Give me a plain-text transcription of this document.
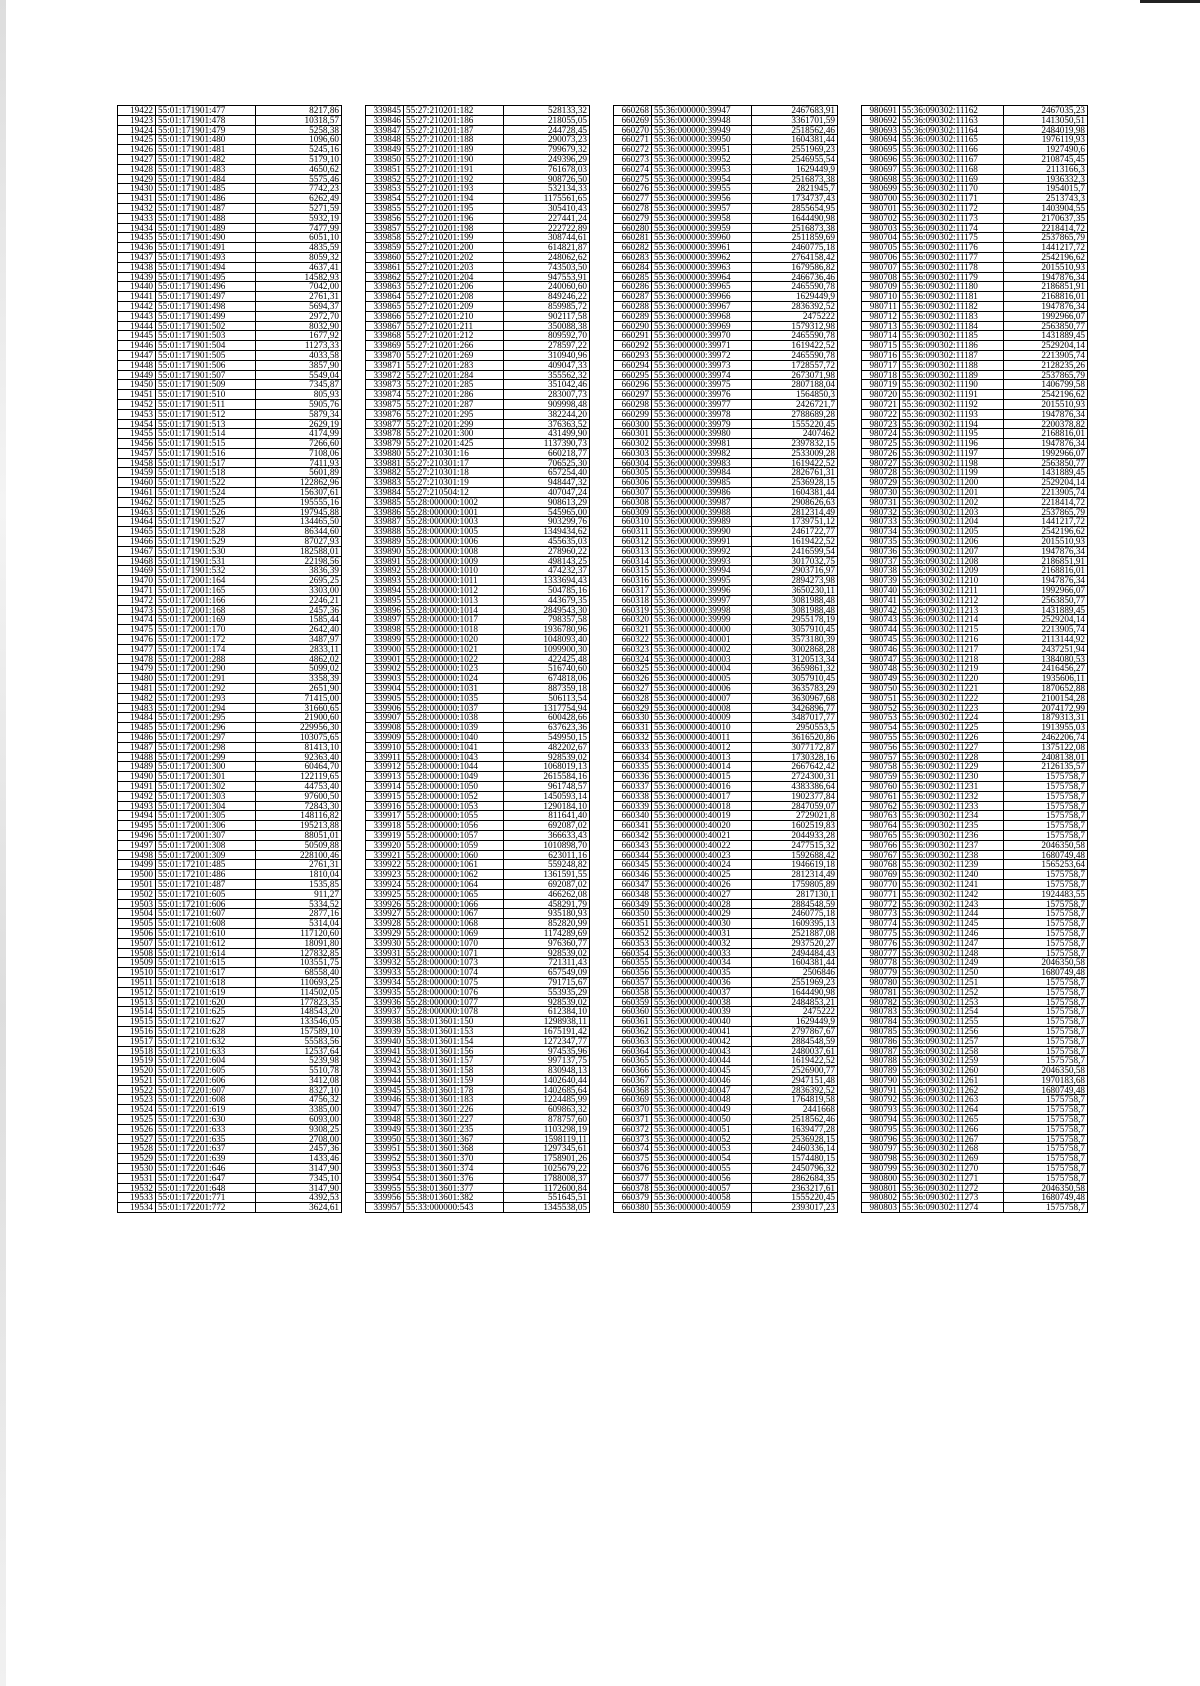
19422	55:01:171901:477	8217,86
19423	55:01:171901:478	10318,57
19424	55:01:171901:479	5258,38
19425	55:01:171901:480	1096,60
19426	55:01:171901:481	5245,16
19427	55:01:171901:482	5179,10
19428	55:01:171901:483	4650,62
19429	55:01:171901:484	5575,46
19430	55:01:171901:485	7742,23
19431	55:01:171901:486	6262,49
19432	55:01:171901:487	5271,59
19433	55:01:171901:488	5932,19
19434	55:01:171901:489	7477,99
19435	55:01:171901:490	6051,10
19436	55:01:171901:491	4835,59
19437	55:01:171901:493	8059,32
19438	55:01:171901:494	4637,41
19439	55:01:171901:495	14582,93
19440	55:01:171901:496	7042,00
19441	55:01:171901:497	2761,31
19442	55:01:171901:498	5694,37
19443	55:01:171901:499	2972,70
19444	55:01:171901:502	8032,90
19445	55:01:171901:503	1677,92
19446	55:01:171901:504	11273,33
19447	55:01:171901:505	4033,58
19448	55:01:171901:506	3857,90
19449	55:01:171901:507	5549,04
19450	55:01:171901:509	7345,87
19451	55:01:171901:510	805,93
19452	55:01:171901:511	5905,76
19453	55:01:171901:512	5879,34
19454	55:01:171901:513	2629,19
19455	55:01:171901:514	4174,99
19456	55:01:171901:515	7266,60
19457	55:01:171901:516	7108,06
19458	55:01:171901:517	7411,93
19459	55:01:171901:518	5601,89
19460	55:01:171901:522	122862,96
19461	55:01:171901:524	156307,61
19462	55:01:171901:525	195555,16
19463	55:01:171901:526	197945,88
19464	55:01:171901:527	134465,50
19465	55:01:171901:528	86344,60
19466	55:01:171901:529	87027,93
19467	55:01:171901:530	182588,01
19468	55:01:171901:531	22198,56
19469	55:01:171901:532	3836,39
19470	55:01:172001:164	2695,25
19471	55:01:172001:165	3303,00
19472	55:01:172001:166	2246,21
19473	55:01:172001:168	2457,36
19474	55:01:172001:169	1585,44
19475	55:01:172001:170	2642,40
19476	55:01:172001:172	3487,97
19477	55:01:172001:174	2833,11
19478	55:01:172001:288	4862,02
19479	55:01:172001:290	5099,02
19480	55:01:172001:291	3358,39
19481	55:01:172001:292	2651,90
19482	55:01:172001:293	71415,00
19483	55:01:172001:294	31660,65
19484	55:01:172001:295	21900,60
19485	55:01:172001:296	229956,30
19486	55:01:172001:297	103075,65
19487	55:01:172001:298	81413,10
19488	55:01:172001:299	92363,40
19489	55:01:172001:300	60464,70
19490	55:01:172001:301	122119,65
19491	55:01:172001:302	44753,40
19492	55:01:172001:303	97600,50
19493	55:01:172001:304	72843,30
19494	55:01:172001:305	148116,82
19495	55:01:172001:306	195213,88
19496	55:01:172001:307	88051,01
19497	55:01:172001:308	50509,88
19498	55:01:172001:309	228100,46
19499	55:01:172101:485	2761,31
19500	55:01:172101:486	1810,04
19501	55:01:172101:487	1535,85
19502	55:01:172101:605	911,27
19503	55:01:172101:606	5334,52
19504	55:01:172101:607	2877,16
19505	55:01:172101:608	5314,04
19506	55:01:172101:610	117120,60
19507	55:01:172101:612	18091,80
19508	55:01:172101:614	127832,85
19509	55:01:172101:615	103551,75
19510	55:01:172101:617	68558,40
19511	55:01:172101:618	110693,25
19512	55:01:172101:619	114502,05
19513	55:01:172101:620	177823,35
19514	55:01:172101:625	148543,20
19515	55:01:172101:627	133546,05
19516	55:01:172101:628	157589,10
19517	55:01:172101:632	55583,56
19518	55:01:172101:633	12537,64
19519	55:01:172201:604	5239,98
19520	55:01:172201:605	5510,78
19521	55:01:172201:606	3412,08
19522	55:01:172201:607	8327,10
19523	55:01:172201:608	4756,32
19524	55:01:172201:619	3385,00
19525	55:01:172201:630	6093,00
19526	55:01:172201:633	9308,25
19527	55:01:172201:635	2708,00
19528	55:01:172201:637	2457,36
19529	55:01:172201:639	1433,46
19530	55:01:172201:646	3147,90
19531	55:01:172201:647	7345,10
19532	55:01:172201:648	3147,90
19533	55:01:172201:771	4392,53
19534	55:01:172201:772	3624,61
339845	55:27:210201:182	528133,32
339846	55:27:210201:186	218055,05
339847	55:27:210201:187	244728,45
339848	55:27:210201:188	290073,23
339849	55:27:210201:189	799679,32
339850	55:27:210201:190	249396,29
339851	55:27:210201:191	761678,03
339852	55:27:210201:192	908726,50
339853	55:27:210201:193	532134,33
339854	55:27:210201:194	1175561,65
339855	55:27:210201:195	305410,43
339856	55:27:210201:196	227441,24
339857	55:27:210201:198	222722,89
339858	55:27:210201:199	308744,61
339859	55:27:210201:200	614821,87
339860	55:27:210201:202	248062,62
339861	55:27:210201:203	743503,50
339862	55:27:210201:204	947553,91
339863	55:27:210201:206	240060,60
339864	55:27:210201:208	849246,22
339865	55:27:210201:209	859985,72
339866	55:27:210201:210	902117,58
339867	55:27:210201:211	350088,38
339868	55:27:210201:212	809592,70
339869	55:27:210201:266	278597,22
339870	55:27:210201:269	310940,96
339871	55:27:210201:283	409047,33
339872	55:27:210201:284	355562,32
339873	55:27:210201:285	351042,46
339874	55:27:210201:286	283007,73
339875	55:27:210201:287	909998,48
339876	55:27:210201:295	382244,20
339877	55:27:210201:299	376363,52
339878	55:27:210201:300	431499,90
339879	55:27:210201:425	1137390,73
339880	55:27:210301:16	660218,77
339881	55:27:210301:17	706525,30
339882	55:27:210301:18	657254,40
339883	55:27:210301:19	948447,32
339884	55:27:210504:12	407047,24
339885	55:28:000000:1002	908613,29
339886	55:28:000000:1001	545965,00
339887	55:28:000000:1003	903299,76
339888	55:28:000000:1005	1349434,62
339889	55:28:000000:1006	455635,03
339890	55:28:000000:1008	278960,22
339891	55:28:000000:1009	498143,25
339892	55:28:000000:1010	474232,37
339893	55:28:000000:1011	1333694,43
339894	55:28:000000:1012	504785,16
339895	55:28:000000:1013	443679,35
339896	55:28:000000:1014	2849543,30
339897	55:28:000000:1017	798357,58
339898	55:28:000000:1018	1936780,96
339899	55:28:000000:1020	1048093,40
339900	55:28:000000:1021	1099900,30
339901	55:28:000000:1022	422425,48
339902	55:28:000000:1023	516740,60
339903	55:28:000000:1024	674818,06
339904	55:28:000000:1031	887359,18
339905	55:28:000000:1035	506113,54
339906	55:28:000000:1037	1317754,94
339907	55:28:000000:1038	600428,66
339908	55:28:000000:1039	637623,36
339909	55:28:000000:1040	549950,15
339910	55:28:000000:1041	482202,67
339911	55:28:000000:1043	928539,02
339912	55:28:000000:1044	1068019,13
339913	55:28:000000:1049	2615584,16
339914	55:28:000000:1050	961748,57
339915	55:28:000000:1052	1450593,14
339916	55:28:000000:1053	1290184,10
339917	55:28:000000:1055	811641,40
339918	55:28:000000:1056	692087,02
339919	55:28:000000:1057	366633,43
339920	55:28:000000:1059	1010898,70
339921	55:28:000000:1060	623011,16
339922	55:28:000000:1061	559248,82
339923	55:28:000000:1062	1361591,55
339924	55:28:000000:1064	692087,02
339925	55:28:000000:1065	466262,08
339926	55:28:000000:1066	458291,79
339927	55:28:000000:1067	935180,93
339928	55:28:000000:1068	852820,99
339929	55:28:000000:1069	1174289,69
339930	55:28:000000:1070	976360,77
339931	55:28:000000:1071	928539,02
339932	55:28:000000:1073	721311,43
339933	55:28:000000:1074	657549,09
339934	55:28:000000:1075	791715,67
339935	55:28:000000:1076	553935,29
339936	55:28:000000:1077	928539,02
339937	55:28:000000:1078	612384,10
339938	55:38:013601:150	1298938,11
339939	55:38:013601:153	1675191,42
339940	55:38:013601:154	1272347,77
339941	55:38:013601:156	974535,96
339942	55:38:013601:157	997137,75
339943	55:38:013601:158	830948,13
339944	55:38:013601:159	1402640,44
339945	55:38:013601:178	1402685,64
339946	55:38:013601:183	1224485,99
339947	55:38:013601:226	609863,32
339948	55:38:013601:227	878757,60
339949	55:38:013601:235	1103298,19
339950	55:38:013601:367	1598119,11
339951	55:38:013601:368	1297345,61
339952	55:38:013601:370	1758901,26
339953	55:38:013601:374	1025679,22
339954	55:38:013601:376	1788008,37
339955	55:38:013601:377	1172600,84
339956	55:38:013601:382	551645,51
339957	55:33:000000:543	1345538,05
660268	55:36:000000:39947	2467683,91
660269	55:36:000000:39948	3361701,59
660270	55:36:000000:39949	2518562,46
660271	55:36:000000:39950	1604381,44
660272	55:36:000000:39951	2551969,23
660273	55:36:000000:39952	2546955,54
660274	55:36:000000:39953	1629449,9
660275	55:36:000000:39954	2516873,38
660276	55:36:000000:39955	2821945,7
660277	55:36:000000:39956	1734737,43
660278	55:36:000000:39957	2855654,95
660279	55:36:000000:39958	1644490,98
660280	55:36:000000:39959	2516873,38
660281	55:36:000000:39960	2511859,69
660282	55:36:000000:39961	2460775,18
660283	55:36:000000:39962	2764158,42
660284	55:36:000000:39963	1679586,82
660285	55:36:000000:39964	2466736,46
660286	55:36:000000:39965	2465590,78
660287	55:36:000000:39966	1629449,9
660288	55:36:000000:39967	2836392,52
660289	55:36:000000:39968	2475222
660290	55:36:000000:39969	1579312,98
660291	55:36:000000:39970	2465590,78
660292	55:36:000000:39971	1619422,52
660293	55:36:000000:39972	2465590,78
660294	55:36:000000:39973	1728557,72
660295	55:36:000000:39974	2673071,98
660296	55:36:000000:39975	2807188,04
660297	55:36:000000:39976	1564850,3
660298	55:36:000000:39977	2426721,7
660299	55:36:000000:39978	2788689,28
660300	55:36:000000:39979	1555220,45
660301	55:36:000000:39980	2407462
660302	55:36:000000:39981	2397832,15
660303	55:36:000000:39982	2533009,28
660304	55:36:000000:39983	1619422,52
660305	55:36:000000:39984	2826761,31
660306	55:36:000000:39985	2536928,15
660307	55:36:000000:39986	1604381,44
660308	55:36:000000:39987	2908626,63
660309	55:36:000000:39988	2812314,49
660310	55:36:000000:39989	1739751,12
660311	55:36:000000:39990	2461722,77
660312	55:36:000000:39991	1619422,52
660313	55:36:000000:39992	2416599,54
660314	55:36:000000:39993	3017032,75
660315	55:36:000000:39994	2903716,97
660316	55:36:000000:39995	2894273,98
660317	55:36:000000:39996	3650230,11
660318	55:36:000000:39997	3081988,48
660319	55:36:000000:39998	3081988,48
660320	55:36:000000:39999	2955178,19
660321	55:36:000000:40000	3057910,45
660322	55:36:000000:40001	3573180,39
660323	55:36:000000:40002	3002868,28
660324	55:36:000000:40003	3120513,34
660325	55:36:000000:40004	3659861,32
660326	55:36:000000:40005	3057910,45
660327	55:36:000000:40006	3635783,29
660328	55:36:000000:40007	3630967,68
660329	55:36:000000:40008	3426896,77
660330	55:36:000000:40009	3487017,77
660331	55:36:000000:40010	2950553,5
660332	55:36:000000:40011	3616520,86
660333	55:36:000000:40012	3077172,87
660334	55:36:000000:40013	1730328,16
660335	55:36:000000:40014	2667642,42
660336	55:36:000000:40015	2724300,31
660337	55:36:000000:40016	4383386,64
660338	55:36:000000:40017	1902377,84
660339	55:36:000000:40018	2847059,07
660340	55:36:000000:40019	2729021,8
660341	55:36:000000:40020	1602519,83
660342	55:36:000000:40021	2044933,28
660343	55:36:000000:40022	2477515,32
660344	55:36:000000:40023	1592688,42
660345	55:36:000000:40024	1946619,18
660346	55:36:000000:40025	2812314,49
660347	55:36:000000:40026	1759805,89
660348	55:36:000000:40027	2817130,1
660349	55:36:000000:40028	2884548,59
660350	55:36:000000:40029	2460775,18
660351	55:36:000000:40030	1609395,13
660352	55:36:000000:40031	2521887,08
660353	55:36:000000:40032	2937520,27
660354	55:36:000000:40033	2494484,43
660355	55:36:000000:40034	1604381,44
660356	55:36:000000:40035	2506846
660357	55:36:000000:40036	2551969,23
660358	55:36:000000:40037	1644490,98
660359	55:36:000000:40038	2484853,21
660360	55:36:000000:40039	2475222
660361	55:36:000000:40040	1629449,9
660362	55:36:000000:40041	2797867,67
660363	55:36:000000:40042	2884548,59
660364	55:36:000000:40043	2480037,61
660365	55:36:000000:40044	1619422,52
660366	55:36:000000:40045	2526900,77
660367	55:36:000000:40046	2947151,48
660368	55:36:000000:40047	2836392,52
660369	55:36:000000:40048	1764819,58
660370	55:36:000000:40049	2441668
660371	55:36:000000:40050	2518562,46
660372	55:36:000000:40051	1639477,28
660373	55:36:000000:40052	2536928,15
660374	55:36:000000:40053	2460336,14
660375	55:36:000000:40054	1574480,15
660376	55:36:000000:40055	2450796,32
660377	55:36:000000:40056	2862684,35
660378	55:36:000000:40057	2363217,61
660379	55:36:000000:40058	1555220,45
660380	55:36:000000:40059	2393017,23
980691	55:36:090302:11162	2467035,23
980692	55:36:090302:11163	1413050,51
980693	55:36:090302:11164	2484019,98
980694	55:36:090302:11165	1976119,93
980695	55:36:090302:11166	1927490,6
980696	55:36:090302:11167	2108745,45
980697	55:36:090302:11168	2113166,3
980698	55:36:090302:11169	1936332,3
980699	55:36:090302:11170	1954015,7
980700	55:36:090302:11171	2513743,3
980701	55:36:090302:11172	1403904,55
980702	55:36:090302:11173	2170637,35
980703	55:36:090302:11174	2218414,72
980704	55:36:090302:11175	2537865,79
980705	55:36:090302:11176	1441217,72
980706	55:36:090302:11177	2542196,62
980707	55:36:090302:11178	2015510,93
980708	55:36:090302:11179	1947876,34
980709	55:36:090302:11180	2186851,91
980710	55:36:090302:11181	2168816,01
980711	55:36:090302:11182	1947876,34
980712	55:36:090302:11183	1992966,07
980713	55:36:090302:11184	2563850,77
980714	55:36:090302:11185	1431889,45
980715	55:36:090302:11186	2529204,14
980716	55:36:090302:11187	2213905,74
980717	55:36:090302:11188	2128235,26
980718	55:36:090302:11189	2537865,79
980719	55:36:090302:11190	1406799,58
980720	55:36:090302:11191	2542196,62
980721	55:36:090302:11192	2015510,93
980722	55:36:090302:11193	1947876,34
980723	55:36:090302:11194	2200378,82
980724	55:36:090302:11195	2168816,01
980725	55:36:090302:11196	1947876,34
980726	55:36:090302:11197	1992966,07
980727	55:36:090302:11198	2563850,77
980728	55:36:090302:11199	1431889,45
980729	55:36:090302:11200	2529204,14
980730	55:36:090302:11201	2213905,74
980731	55:36:090302:11202	2218414,72
980732	55:36:090302:11203	2537865,79
980733	55:36:090302:11204	1441217,72
980734	55:36:090302:11205	2542196,62
980735	55:36:090302:11206	2015510,93
980736	55:36:090302:11207	1947876,34
980737	55:36:090302:11208	2186851,91
980738	55:36:090302:11209	2168816,01
980739	55:36:090302:11210	1947876,34
980740	55:36:090302:11211	1992966,07
980741	55:36:090302:11212	2563850,77
980742	55:36:090302:11213	1431889,45
980743	55:36:090302:11214	2529204,14
980744	55:36:090302:11215	2213905,74
980745	55:36:090302:11216	2113144,92
980746	55:36:090302:11217	2437251,94
980747	55:36:090302:11218	1384080,53
980748	55:36:090302:11219	2416456,27
980749	55:36:090302:11220	1935606,11
980750	55:36:090302:11221	1870652,88
980751	55:36:090302:11222	2100154,28
980752	55:36:090302:11223	2074172,99
980753	55:36:090302:11224	1879313,31
980754	55:36:090302:11225	1913955,03
980755	55:36:090302:11226	2462206,74
980756	55:36:090302:11227	1375122,08
980757	55:36:090302:11228	2408138,01
980758	55:36:090302:11229	2126135,57
980759	55:36:090302:11230	1575758,7
980760	55:36:090302:11231	1575758,7
980761	55:36:090302:11232	1575758,7
980762	55:36:090302:11233	1575758,7
980763	55:36:090302:11234	1575758,7
980764	55:36:090302:11235	1575758,7
980765	55:36:090302:11236	1575758,7
980766	55:36:090302:11237	2046350,58
980767	55:36:090302:11238	1680749,48
980768	55:36:090302:11239	1565253,64
980769	55:36:090302:11240	1575758,7
980770	55:36:090302:11241	1575758,7
980771	55:36:090302:11242	1924483,55
980772	55:36:090302:11243	1575758,7
980773	55:36:090302:11244	1575758,7
980774	55:36:090302:11245	1575758,7
980775	55:36:090302:11246	1575758,7
980776	55:36:090302:11247	1575758,7
980777	55:36:090302:11248	1575758,7
980778	55:36:090302:11249	2046350,58
980779	55:36:090302:11250	1680749,48
980780	55:36:090302:11251	1575758,7
980781	55:36:090302:11252	1575758,7
980782	55:36:090302:11253	1575758,7
980783	55:36:090302:11254	1575758,7
980784	55:36:090302:11255	1575758,7
980785	55:36:090302:11256	1575758,7
980786	55:36:090302:11257	1575758,7
980787	55:36:090302:11258	1575758,7
980788	55:36:090302:11259	1575758,7
980789	55:36:090302:11260	2046350,58
980790	55:36:090302:11261	1970183,68
980791	55:36:090302:11262	1680749,48
980792	55:36:090302:11263	1575758,7
980793	55:36:090302:11264	1575758,7
980794	55:36:090302:11265	1575758,7
980795	55:36:090302:11266	1575758,7
980796	55:36:090302:11267	1575758,7
980797	55:36:090302:11268	1575758,7
980798	55:36:090302:11269	1575758,7
980799	55:36:090302:11270	1575758,7
980800	55:36:090302:11271	1575758,7
980801	55:36:090302:11272	2046350,58
980802	55:36:090302:11273	1680749,48
980803	55:36:090302:11274	1575758,7
